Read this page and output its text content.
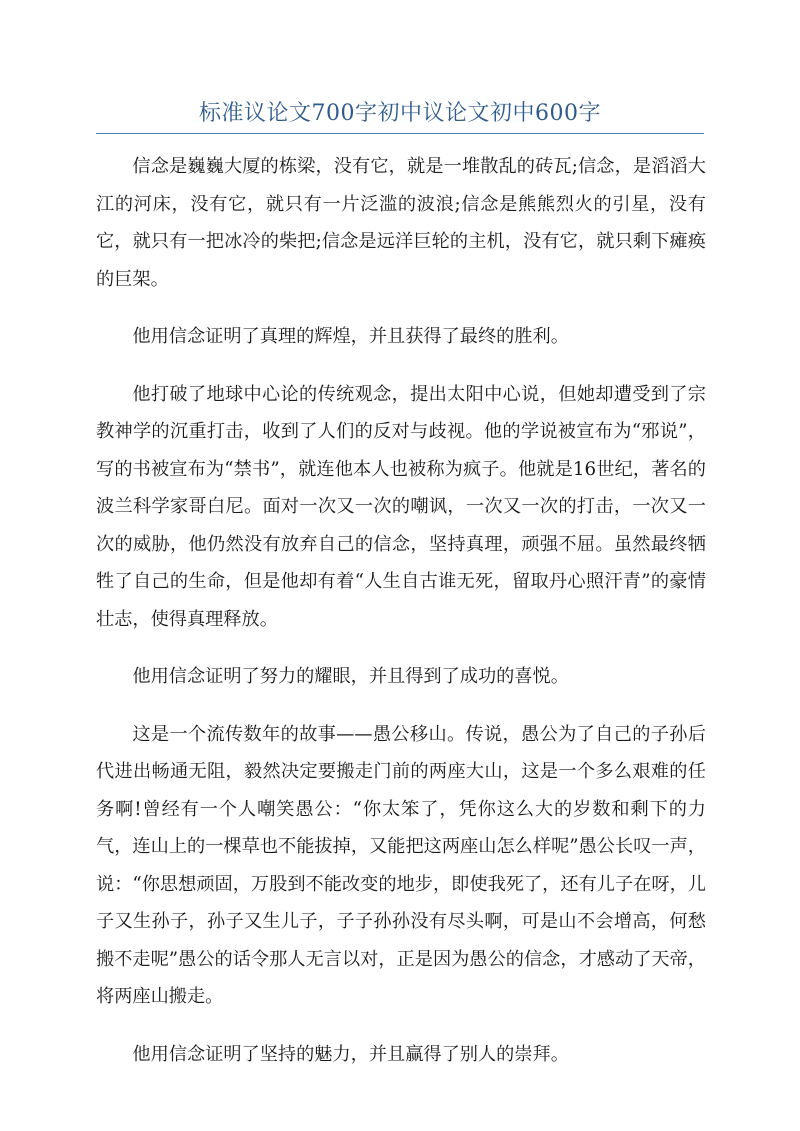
标准议论文700字初中议论文初中600字

信念是巍巍大厦的栋梁，没有它，就是一堆散乱的砖瓦;信念，是滔滔大江的河床，没有它，就只有一片泛滥的波浪;信念是熊熊烈火的引星，没有它，就只有一把冰冷的柴把;信念是远洋巨轮的主机，没有它，就只剩下瘫痪的巨架。

他用信念证明了真理的辉煌，并且获得了最终的胜利。

他打破了地球中心论的传统观念，提出太阳中心说，但她却遭受到了宗教神学的沉重打击，收到了人们的反对与歧视。他的学说被宣布为“邪说”，写的书被宣布为“禁书”，就连他本人也被称为疯子。他就是16世纪，著名的波兰科学家哥白尼。面对一次又一次的嘲讽，一次又一次的打击，一次又一次的威胁，他仍然没有放弃自己的信念，坚持真理，顽强不屈。虽然最终牺牲了自己的生命，但是他却有着“人生自古谁无死，留取丹心照汗青”的豪情壮志，使得真理释放。

他用信念证明了努力的耀眼，并且得到了成功的喜悦。

这是一个流传数年的故事——愚公移山。传说，愚公为了自己的子孙后代进出畅通无阻，毅然决定要搬走门前的两座大山，这是一个多么艰难的任务啊!曾经有一个人嘲笑愚公：“你太笨了，凭你这么大的岁数和剩下的力气，连山上的一棵草也不能拔掉，又能把这两座山怎么样呢”愚公长叹一声，说：“你思想顽固，万股到不能改变的地步，即使我死了，还有儿子在呀，儿子又生孙子，孙子又生儿子，子子孙孙没有尽头啊，可是山不会增高，何愁搬不走呢”愚公的话令那人无言以对，正是因为愚公的信念，才感动了天帝，将两座山搬走。

他用信念证明了坚持的魅力，并且赢得了别人的崇拜。
